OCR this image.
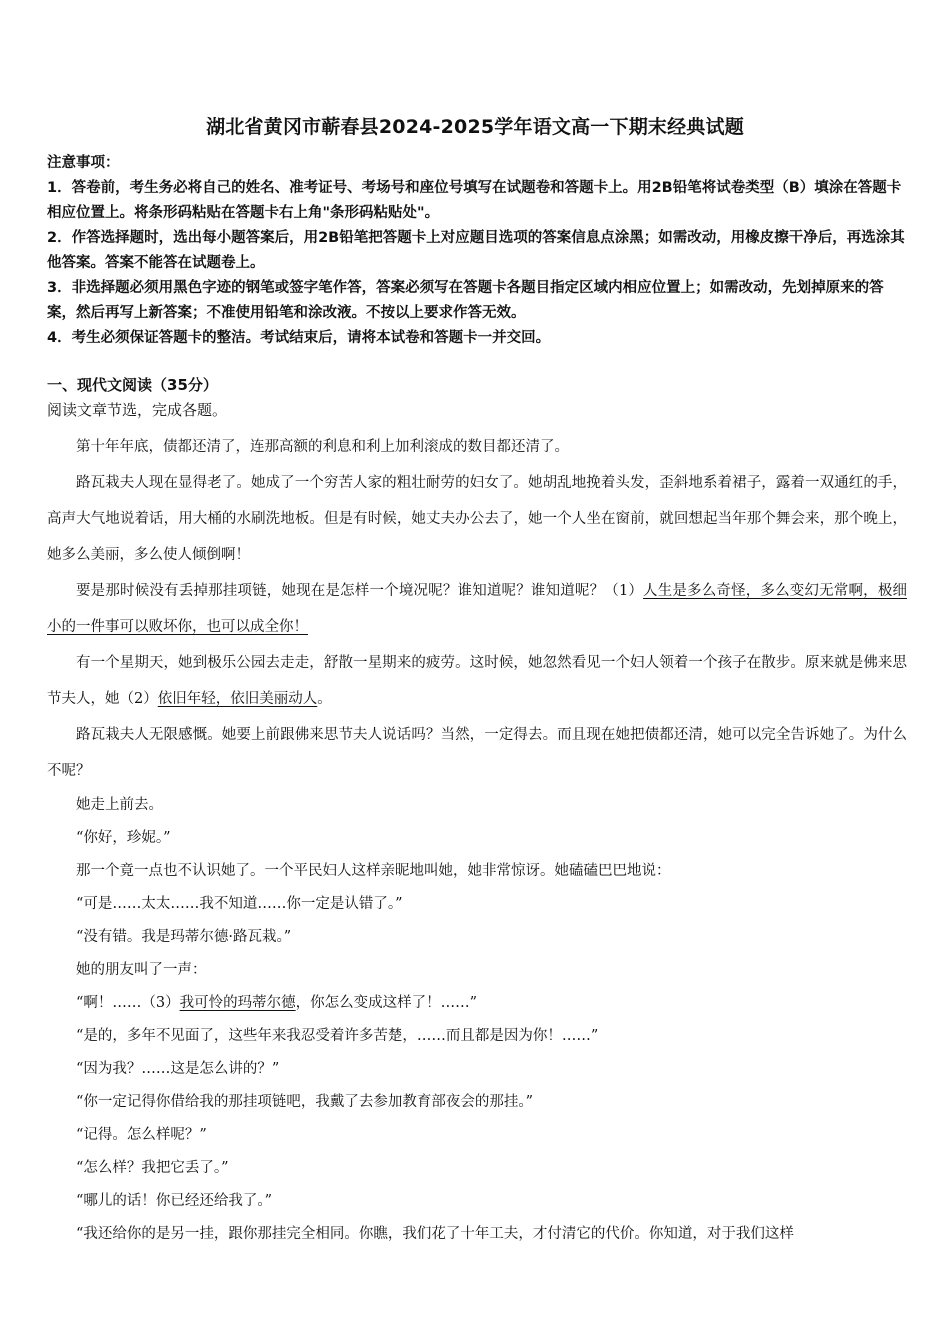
湖北省黄冈市蕲春县2024-2025学年语文高一下期末经典试题

注意事项：

1．答卷前，考生务必将自己的姓名、准考证号、考场号和座位号填写在试题卷和答题卡上。用2B铅笔将试卷类型（B）填涂在答题卡相应位置上。将条形码粘贴在答题卡右上角"条形码粘贴处"。

2．作答选择题时，选出每小题答案后，用2B铅笔把答题卡上对应题目选项的答案信息点涂黑；如需改动，用橡皮擦干净后，再选涂其他答案。答案不能答在试题卷上。

3．非选择题必须用黑色字迹的钢笔或签字笔作答，答案必须写在答题卡各题目指定区域内相应位置上；如需改动，先划掉原来的答案，然后再写上新答案；不准使用铅笔和涂改液。不按以上要求作答无效。

4．考生必须保证答题卡的整洁。考试结束后，请将本试卷和答题卡一并交回。

一、现代文阅读（35分）
阅读文章节选，完成各题。

第十年年底，债都还清了，连那高额的利息和利上加利滚成的数目都还清了。

路瓦栽夫人现在显得老了。她成了一个穷苦人家的粗壮耐劳的妇女了。她胡乱地挽着头发，歪斜地系着裙子，露着一双通红的手，高声大气地说着话，用大桶的水刷洗地板。但是有时候，她丈夫办公去了，她一个人坐在窗前，就回想起当年那个舞会来，那个晚上，她多么美丽，多么使人倾倒啊！

要是那时候没有丢掉那挂项链，她现在是怎样一个境况呢？谁知道呢？谁知道呢？（1）人生是多么奇怪，多么变幻无常啊，极细小的一件事可以败坏你，也可以成全你！

有一个星期天，她到极乐公园去走走，舒散一星期来的疲劳。这时候，她忽然看见一个妇人领着一个孩子在散步。原来就是佛来思节夫人，她（2）依旧年轻，依旧美丽动人。

路瓦栽夫人无限感慨。她要上前跟佛来思节夫人说话吗？当然，一定得去。而且现在她把债都还清，她可以完全告诉她了。为什么不呢？

她走上前去。

“你好，珍妮。”

那一个竟一点也不认识她了。一个平民妇人这样亲昵地叫她，她非常惊讶。她磕磕巴巴地说：

“可是……太太……我不知道……你一定是认错了。”

“没有错。我是玛蒂尔德·路瓦栽。”

她的朋友叫了一声：

“啊！……（3）我可怜的玛蒂尔德，你怎么变成这样了！……”

“是的，多年不见面了，这些年来我忍受着许多苦楚，……而且都是因为你！……”

“因为我？……这是怎么讲的？”

“你一定记得你借给我的那挂项链吧，我戴了去参加教育部夜会的那挂。”

“记得。怎么样呢？”

“怎么样？我把它丢了。”

“哪儿的话！你已经还给我了。”

“我还给你的是另一挂，跟你那挂完全相同。你瞧，我们花了十年工夫，才付清它的代价。你知道，对于我们这样
